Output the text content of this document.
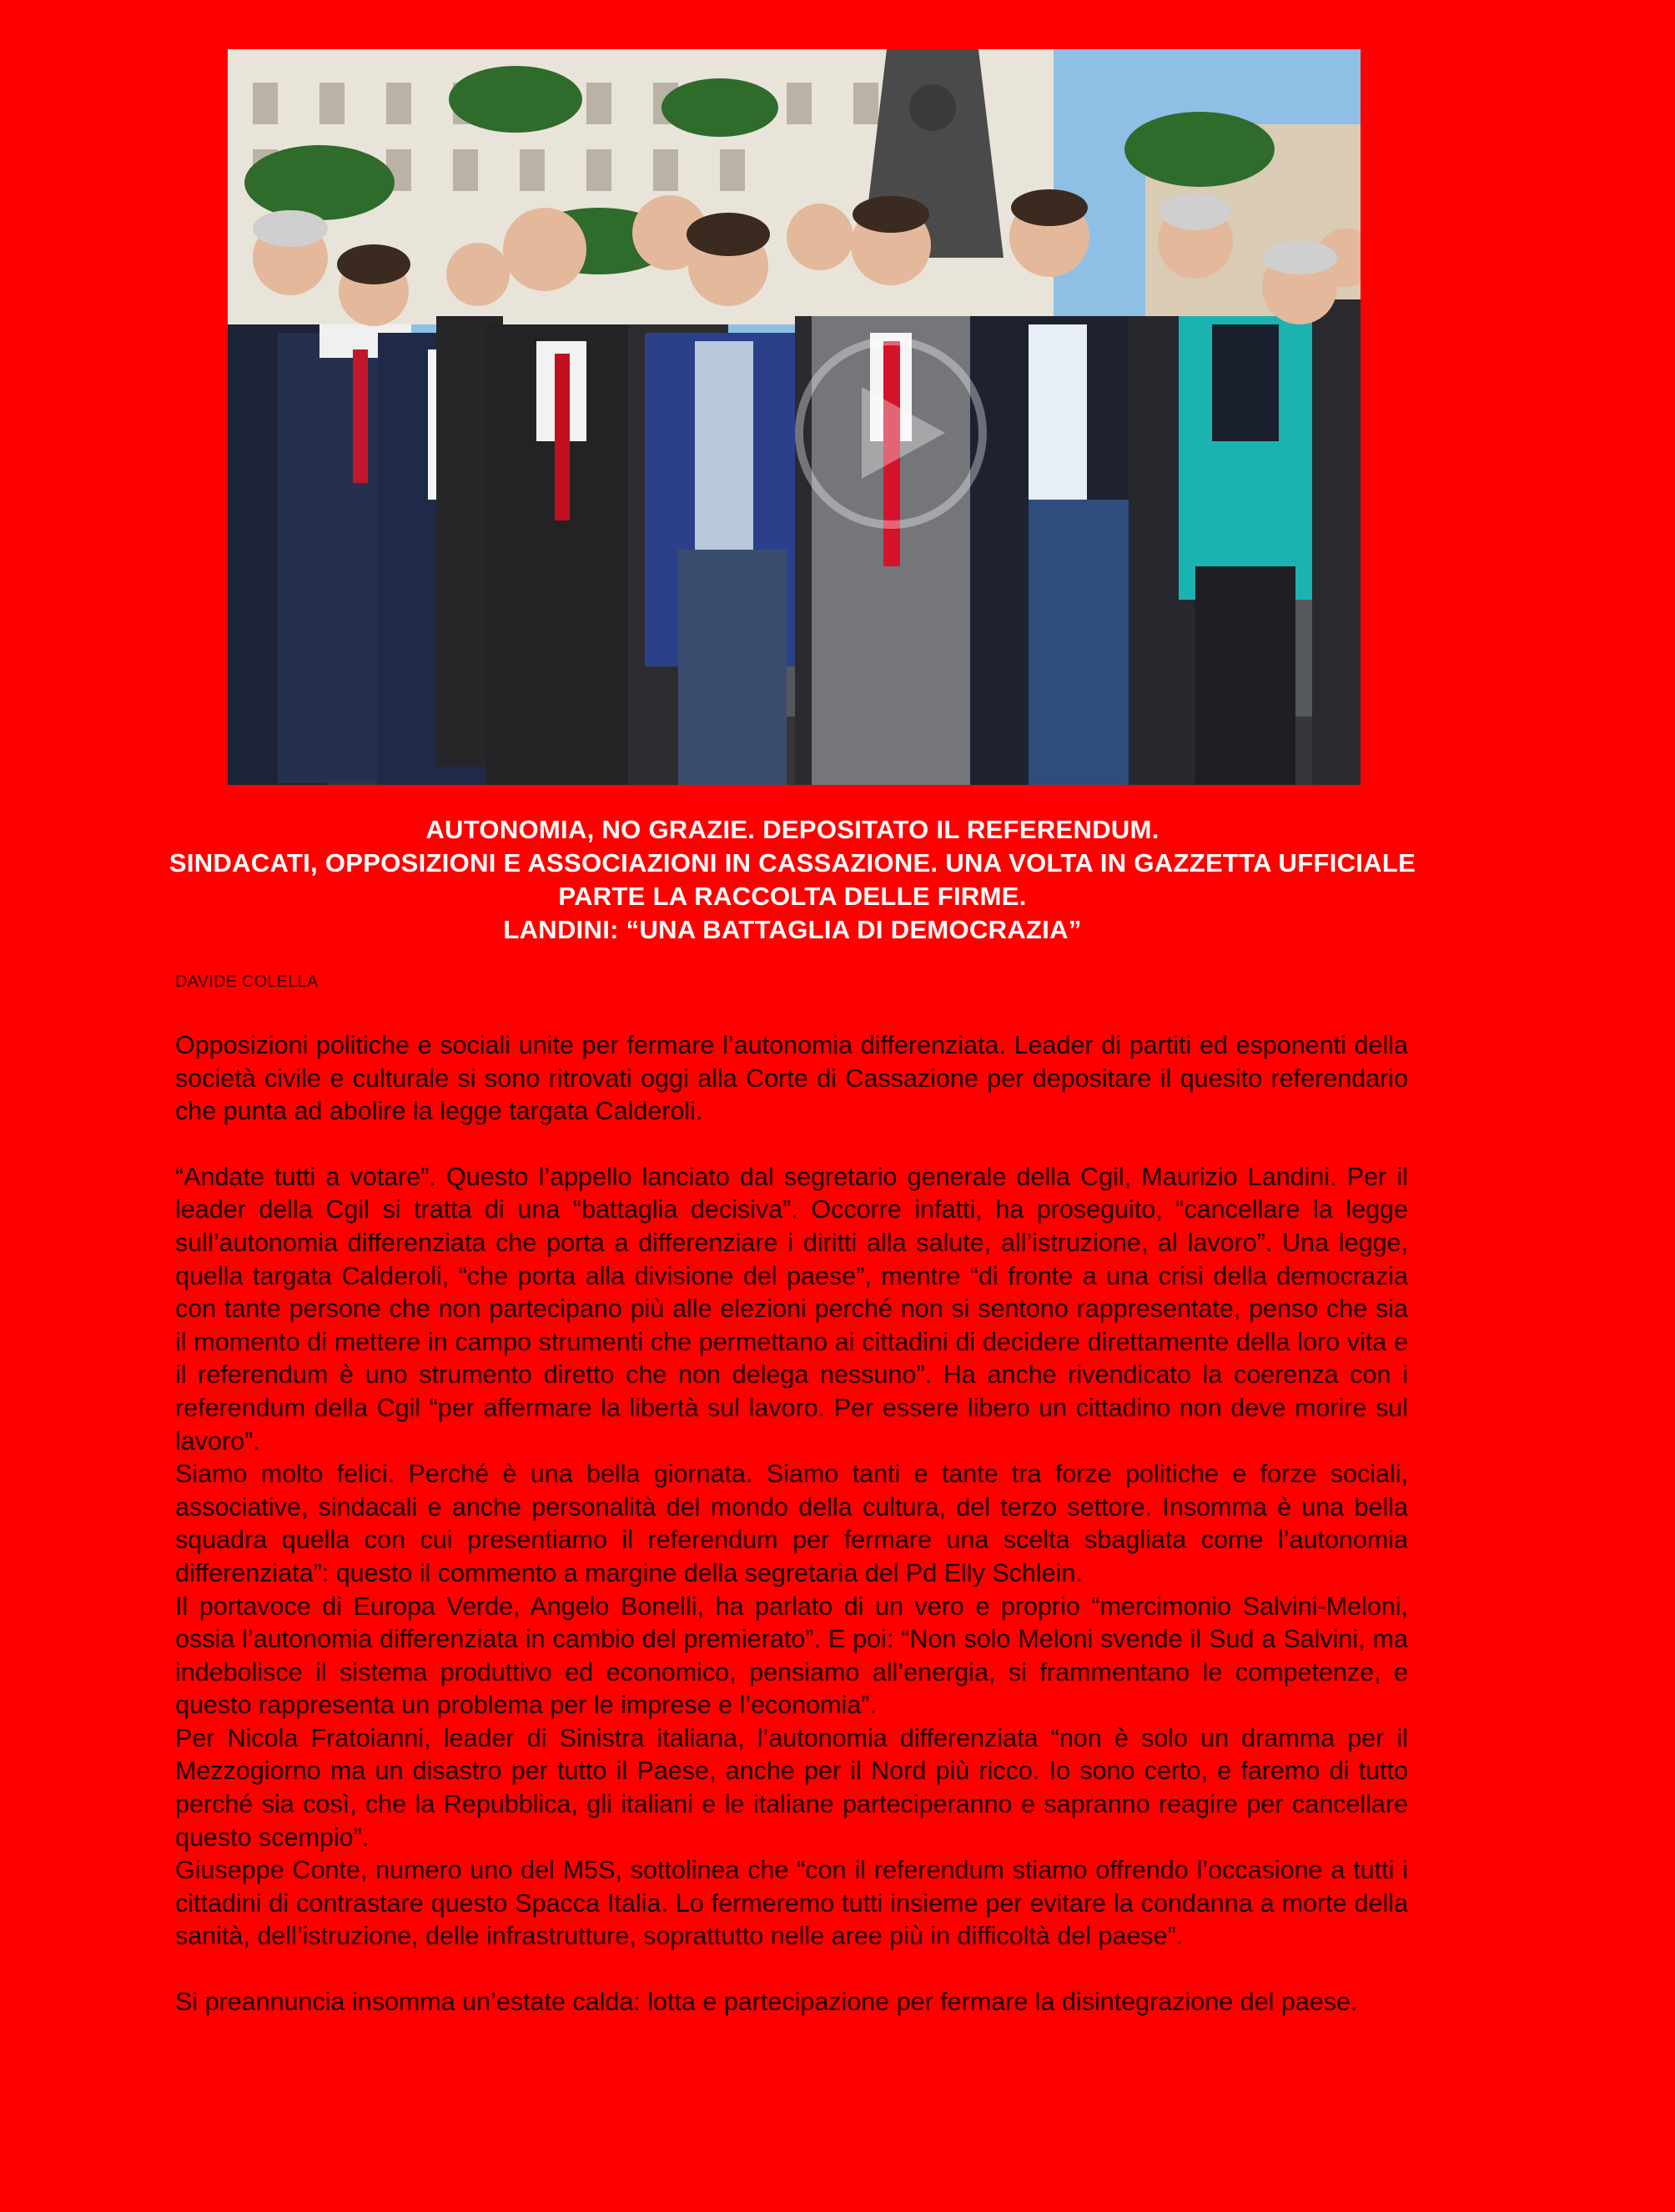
AUTONOMIA, NO GRAZIE. DEPOSITATO IL REFERENDUM.
SINDACATI, OPPOSIZIONI E ASSOCIAZIONI IN CASSAZIONE. UNA VOLTA IN GAZZETTA UFFICIALE PARTE LA RACCOLTA DELLE FIRME.
LANDINI: “UNA BATTAGLIA DI DEMOCRAZIA”
DAVIDE COLELLA

Opposizioni politiche e sociali unite per fermare l’autonomia differenziata. Leader di partiti ed esponenti della società civile e culturale si sono ritrovati oggi alla Corte di Cassazione per depositare il quesito referendario che punta ad abolire la legge targata Calderoli.

“Andate tutti a votare”. Questo l’appello lanciato dal segretario generale della Cgil, Maurizio Landini. Per il leader della Cgil si tratta di una “battaglia decisiva”. Occorre infatti, ha proseguito, “cancellare la legge sull’autonomia differenziata che porta a differenziare i diritti alla salute, all’istruzione, al lavoro”. Una legge, quella targata Calderoli, “che porta alla divisione del paese”, mentre “di fronte a una crisi della democrazia con tante persone che non partecipano più alle elezioni perché non si sentono rappresentate, penso che sia il momento di mettere in campo strumenti che permettano ai cittadini di decidere direttamente della loro vita e il referendum è uno strumento diretto che non delega nessuno”. Ha anche rivendicato la coerenza con i referendum della Cgil “per affermare la libertà sul lavoro. Per essere libero un cittadino non deve morire sul lavoro”.

Siamo molto felici. Perché è una bella giornata. Siamo tanti e tante tra forze politiche e forze sociali, associative, sindacali e anche personalità del mondo della cultura, del terzo settore. Insomma è una bella squadra quella con cui presentiamo il referendum per fermare una scelta sbagliata come l’autonomia differenziata”: questo il commento a margine della segretaria del Pd Elly Schlein.

Il portavoce di Europa Verde, Angelo Bonelli, ha parlato di un vero e proprio “mercimonio Salvini-Meloni, ossia l’autonomia differenziata in cambio del premierato”. E poi: “Non solo Meloni svende il Sud a Salvini, ma indebolisce il sistema produttivo ed economico, pensiamo all’energia, si frammentano le competenze, e questo rappresenta un problema per le imprese e l’economia”.

Per Nicola Fratoianni, leader di Sinistra italiana, l’autonomia differenziata “non è solo un dramma per il Mezzogiorno ma un disastro per tutto il Paese, anche per il Nord più ricco. Io sono certo, e faremo di tutto perché sia così, che la Repubblica, gli italiani e le italiane parteciperanno e sapranno reagire per cancellare questo scempio”.

Giuseppe Conte, numero uno del M5S, sottolinea che “con il referendum stiamo offrendo l’occasione a tutti i cittadini di contrastare questo Spacca Italia. Lo fermeremo tutti insieme per evitare la condanna a morte della sanità, dell’istruzione, delle infrastrutture, soprattutto nelle aree più in difficoltà del paese”.

Si preannuncia insomma un’estate calda: lotta e partecipazione per fermare la disintegrazione del paese.
